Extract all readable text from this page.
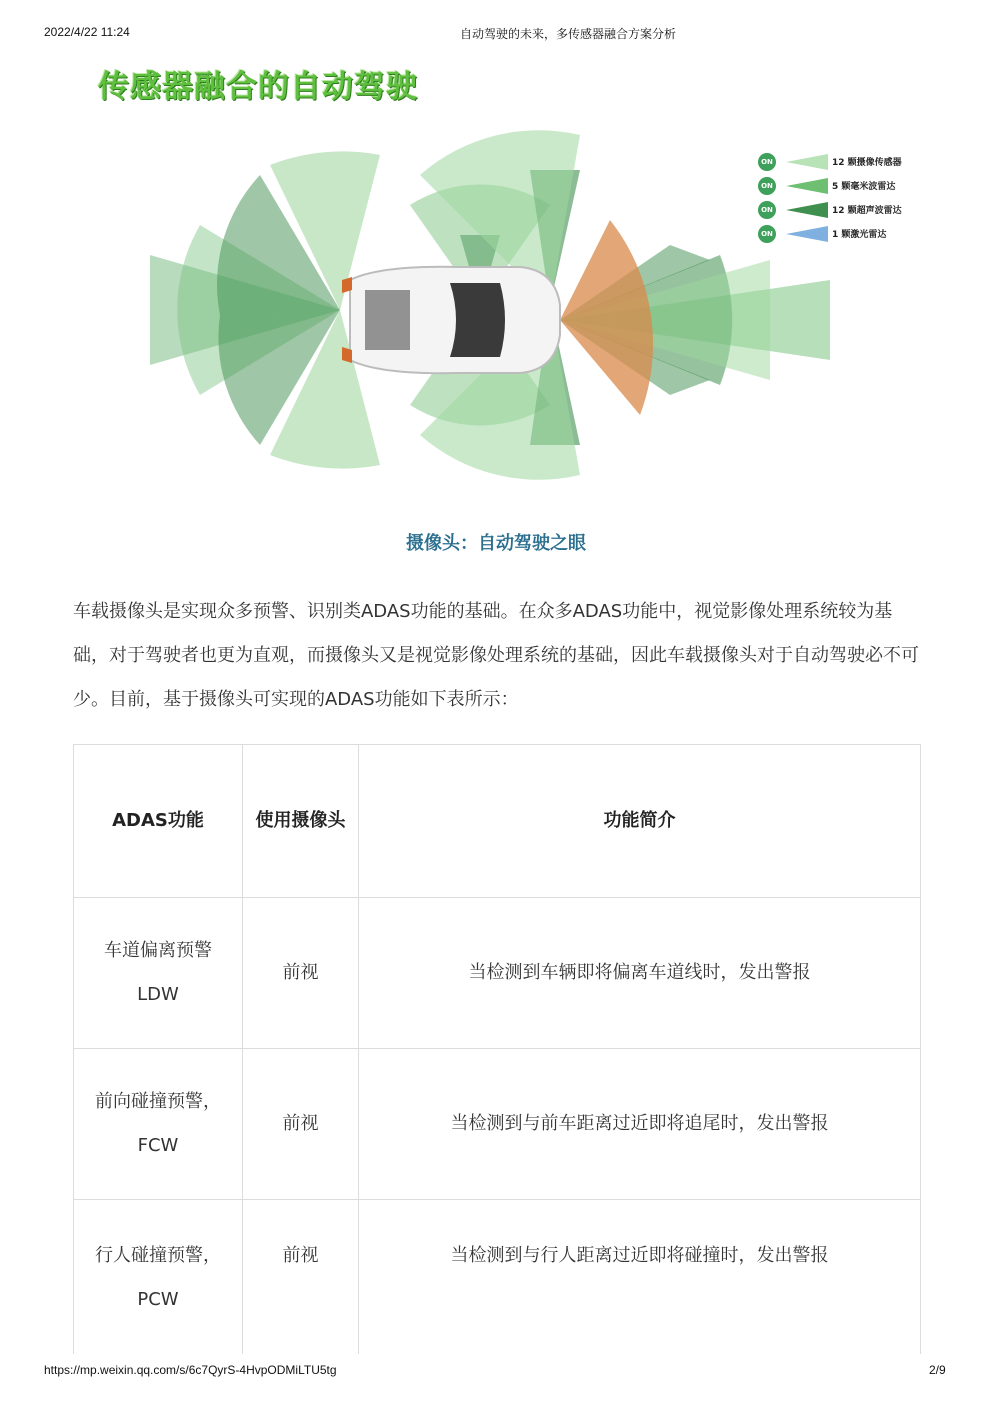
2022/4/22 11:24	自动驾驶的未来，多传感器融合方案分析
传感器融合的自动驾驶
ON	12 颗摄像传感器
ON	5 颗毫米波雷达
ON	12 颗超声波雷达
ON	1 颗激光雷达
摄像头：自动驾驶之眼

车载摄像头是实现众多预警、识别类ADAS功能的基础。在众多ADAS功能中，视觉影像处理系统较为基础，对于驾驶者也更为直观，而摄像头又是视觉影像处理系统的基础，因此车载摄像头对于自动驾驶必不可少。目前，基于摄像头可实现的ADAS功能如下表所示：

ADAS功能	使用摄像头	功能简介
车道偏离预警LDW	前视	当检测到车辆即将偏离车道线时，发出警报
前向碰撞预警，FCW	前视	当检测到与前车距离过近即将追尾时，发出警报
行人碰撞预警，PCW	前视	当检测到与行人距离过近即将碰撞时，发出警报
https://mp.weixin.qq.com/s/6c7QyrS-4HvpODMiLTU5tg	2/9
